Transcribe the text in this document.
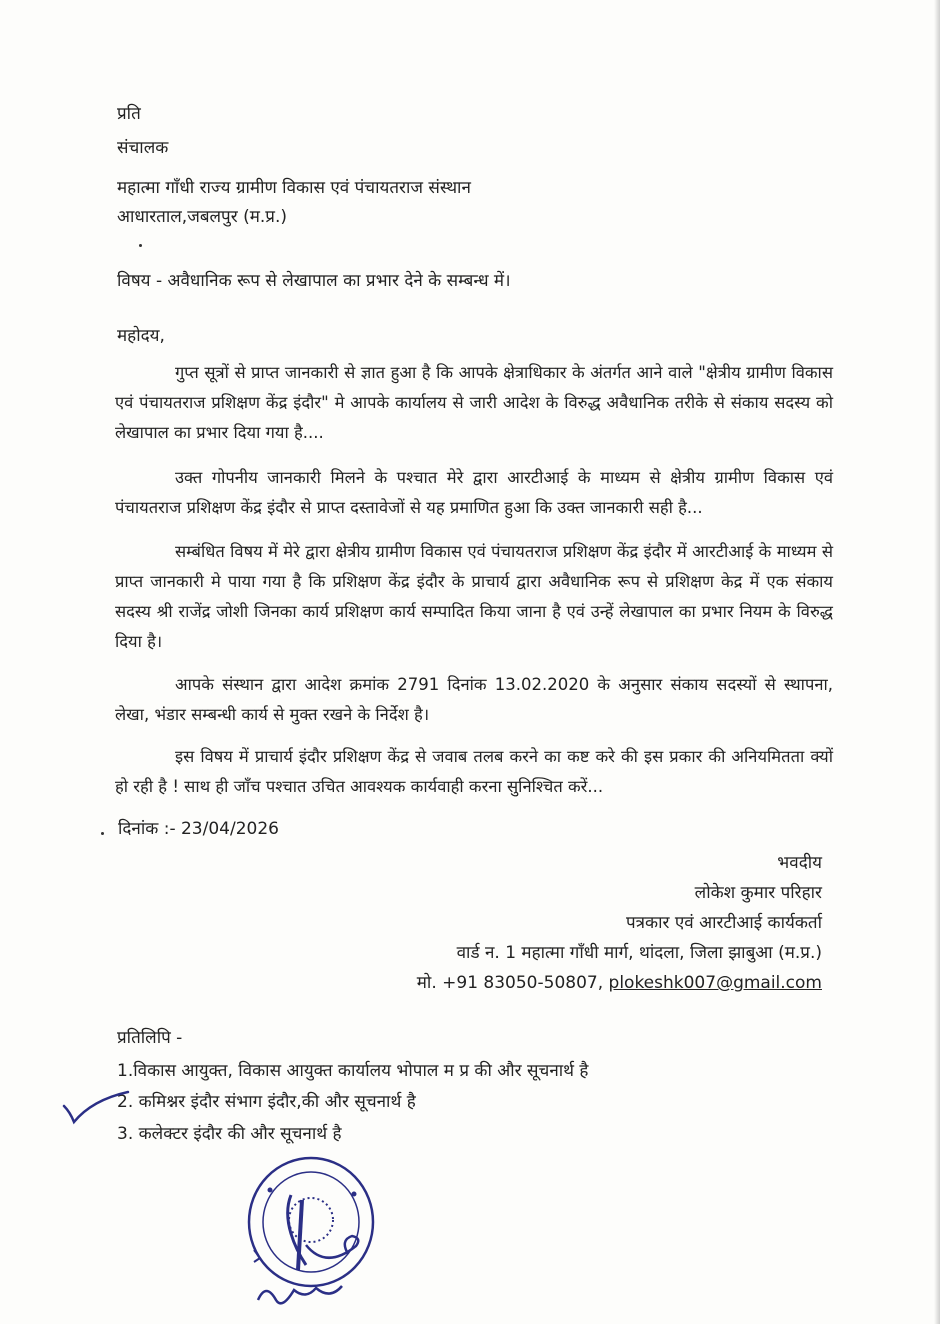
प्रति
संचालक
महात्मा गाँधी राज्य ग्रामीण विकास एवं पंचायतराज संस्थान
आधारताल,जबलपुर (म.प्र.)
विषय - अवैधानिक रूप से लेखापाल का प्रभार देने के सम्बन्ध में।
महोदय,
गुप्त सूत्रों से प्राप्त जानकारी से ज्ञात हुआ है कि आपके क्षेत्राधिकार के अंतर्गत आने वाले "क्षेत्रीय ग्रामीण विकास एवं पंचायतराज प्रशिक्षण केंद्र इंदौर" मे आपके कार्यालय से जारी आदेश के विरुद्ध अवैधानिक तरीके से संकाय सदस्य को लेखापाल का प्रभार दिया गया है....
उक्त गोपनीय जानकारी मिलने के पश्चात मेरे द्वारा आरटीआई के माध्यम से क्षेत्रीय ग्रामीण विकास एवं पंचायतराज प्रशिक्षण केंद्र इंदौर से प्राप्त दस्तावेजों से यह प्रमाणित हुआ कि उक्त जानकारी सही है...
सम्बंधित विषय में मेरे द्वारा क्षेत्रीय ग्रामीण विकास एवं पंचायतराज प्रशिक्षण केंद्र इंदौर में आरटीआई के माध्यम से प्राप्त जानकारी मे पाया गया है कि प्रशिक्षण केंद्र इंदौर के प्राचार्य द्वारा अवैधानिक रूप से प्रशिक्षण केद्र में एक संकाय सदस्य श्री राजेंद्र जोशी जिनका कार्य प्रशिक्षण कार्य सम्पादित किया जाना है एवं उन्हें लेखापाल का प्रभार नियम के विरुद्ध दिया है।
आपके संस्थान द्वारा आदेश क्रमांक 2791 दिनांक 13.02.2020 के अनुसार संकाय सदस्यों से स्थापना, लेखा, भंडार सम्बन्धी कार्य से मुक्त रखने के निर्देश है।
इस विषय में प्राचार्य इंदौर प्रशिक्षण केंद्र से जवाब तलब करने का कष्ट करे की इस प्रकार की अनियमितता क्यों हो रही है ! साथ ही जाँच पश्चात उचित आवश्यक कार्यवाही करना सुनिश्चित करें...
दिनांक :- 23/04/2026
भवदीय
लोकेश कुमार परिहार
पत्रकार एवं आरटीआई कार्यकर्ता
वार्ड न. 1 महात्मा गाँधी मार्ग, थांदला, जिला झाबुआ (म.प्र.)
मो. +91 83050-50807, plokeshk007@gmail.com
प्रतिलिपि -
1.विकास आयुक्त, विकास आयुक्त कार्यालय भोपाल म प्र की और सूचनार्थ है
2. कमिश्नर इंदौर संभाग इंदौर,की और सूचनार्थ है
3. कलेक्टर इंदौर की और सूचनार्थ है
